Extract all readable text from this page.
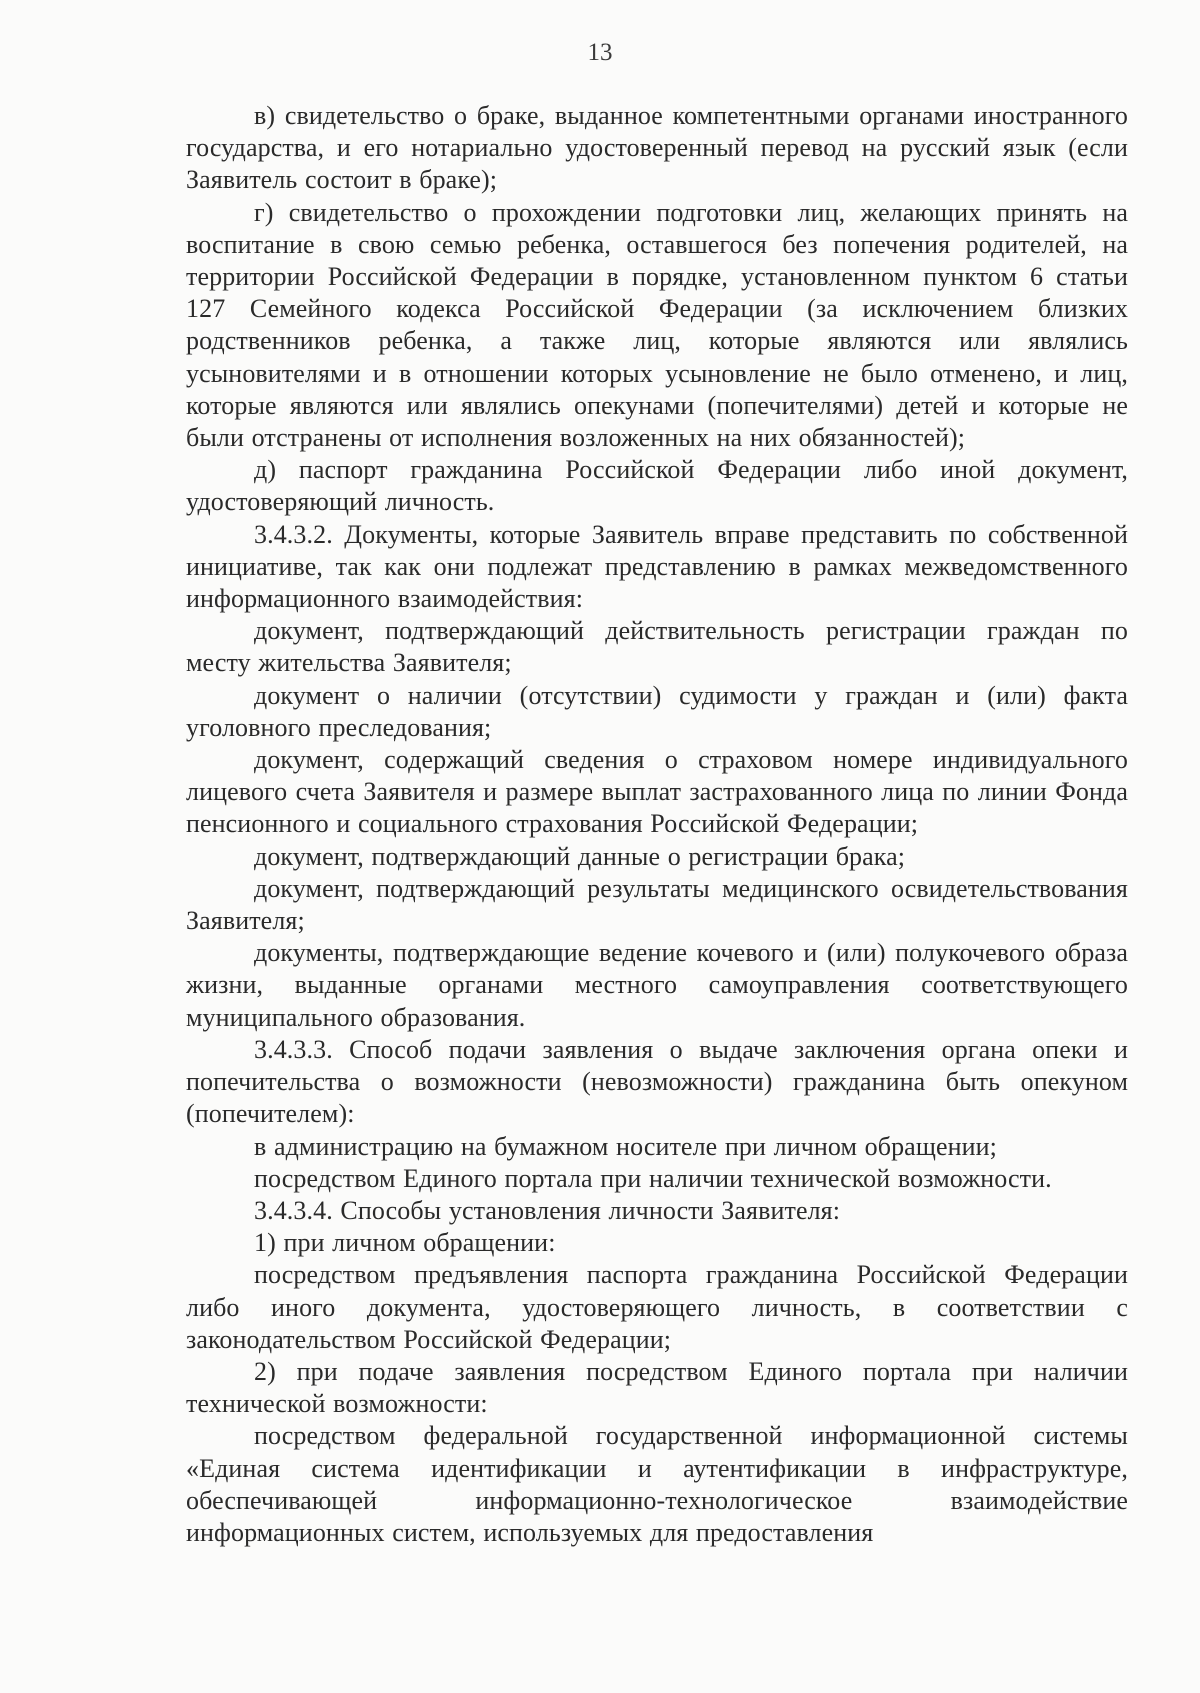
13

в) свидетельство о браке, выданное компетентными органами иностранного государства, и его нотариально удостоверенный перевод на русский язык (если Заявитель состоит в браке);

г) свидетельство о прохождении подготовки лиц, желающих принять на воспитание в свою семью ребенка, оставшегося без попечения родителей, на территории Российской Федерации в порядке, установленном пунктом 6 статьи 127 Семейного кодекса Российской Федерации (за исключением близких родственников ребенка, а также лиц, которые являются или являлись усыновителями и в отношении которых усыновление не было отменено, и лиц, которые являются или являлись опекунами (попечителями) детей и которые не были отстранены от исполнения возложенных на них обязанностей);

д) паспорт гражданина Российской Федерации либо иной документ, удостоверяющий личность.

3.4.3.2. Документы, которые Заявитель вправе представить по собственной инициативе, так как они подлежат представлению в рамках межведомственного информационного взаимодействия:

документ, подтверждающий действительность регистрации граждан по месту жительства Заявителя;

документ о наличии (отсутствии) судимости у граждан и (или) факта уголовного преследования;

документ, содержащий сведения о страховом номере индивидуального лицевого счета Заявителя и размере выплат застрахованного лица по линии Фонда пенсионного и социального страхования Российской Федерации;

документ, подтверждающий данные о регистрации брака;

документ, подтверждающий результаты медицинского освидетельствования Заявителя;

документы, подтверждающие ведение кочевого и (или) полукочевого образа жизни, выданные органами местного самоуправления соответствующего муниципального образования.

3.4.3.3. Способ подачи заявления о выдаче заключения органа опеки и попечительства о возможности (невозможности) гражданина быть опекуном (попечителем):

в администрацию на бумажном носителе при личном обращении;

посредством Единого портала при наличии технической возможности.

3.4.3.4. Способы установления личности Заявителя:

1) при личном обращении:

посредством предъявления паспорта гражданина Российской Федерации либо иного документа, удостоверяющего личность, в соответствии с законодательством Российской Федерации;

2) при подаче заявления посредством Единого портала при наличии технической возможности:

посредством федеральной государственной информационной системы «Единая система идентификации и аутентификации в инфраструктуре, обеспечивающей информационно-технологическое взаимодействие информационных систем, используемых для предоставления
